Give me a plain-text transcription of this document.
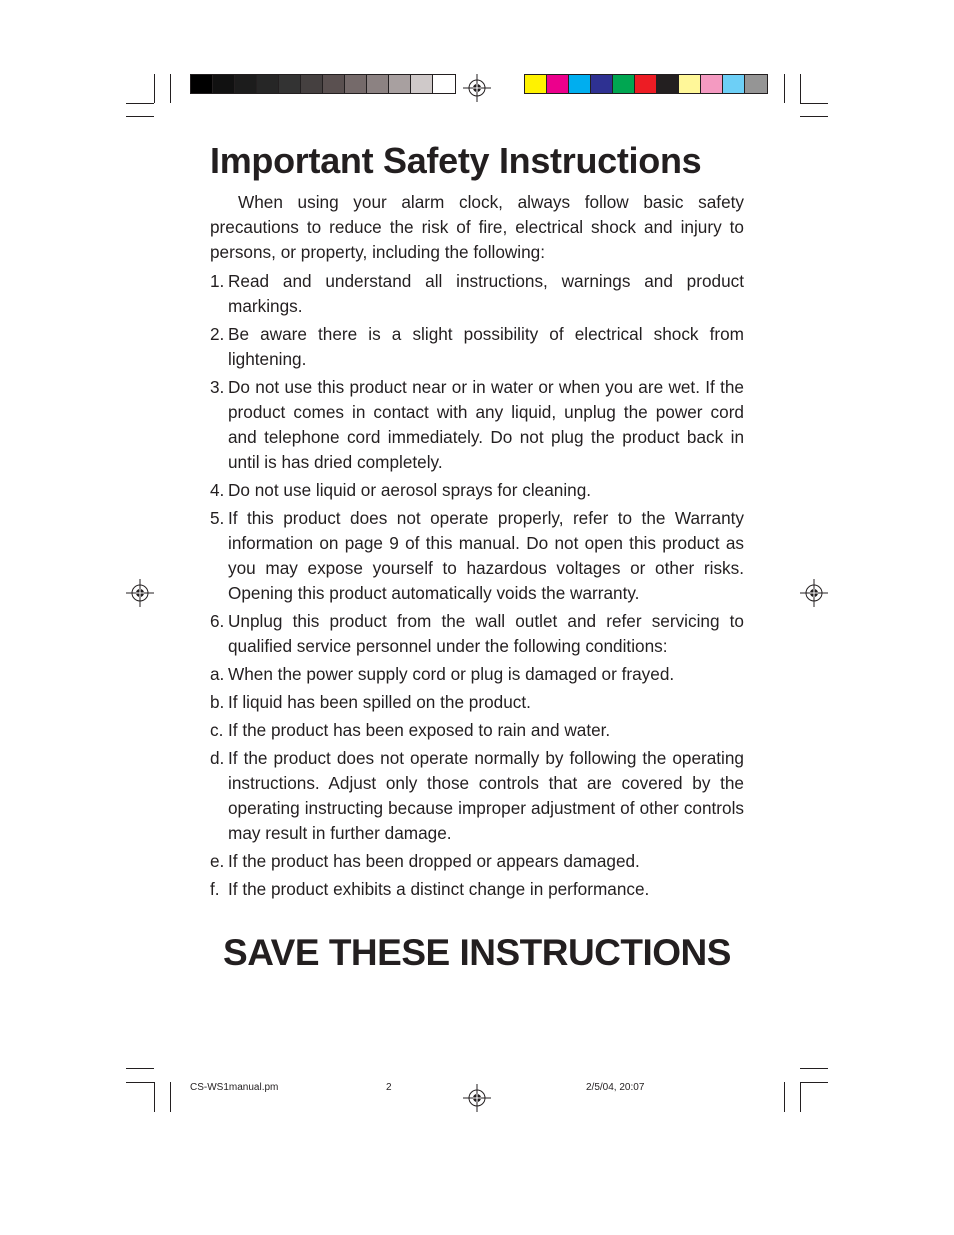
Important Safety Instructions

When using your alarm clock, always follow basic safety precautions to reduce the risk of fire, electrical shock and injury to persons, or property, including the following:

1. Read and understand all instructions, warnings and product markings.
2. Be aware there is a slight possibility of electrical shock from lightening.
3. Do not use this product near or in water or when you are wet. If the product comes in contact with any liquid, unplug the power cord and telephone cord immediately. Do not plug the product back in until is has dried completely.
4. Do not use liquid or aerosol sprays for cleaning.
5. If this product does not operate properly, refer to the Warranty information on page 9 of this manual. Do not open this product as you may expose yourself to hazardous voltages or other risks. Opening this product automatically voids the warranty.
6. Unplug this product from the wall outlet and refer servicing to qualified service personnel under the following conditions:
a. When the power supply cord or plug is damaged or frayed.
b. If liquid has been spilled on the product.
c. If the product has been exposed to rain and water.
d. If the product does not operate normally by following the operating instructions. Adjust only those controls that are covered by the operating instructing because improper adjustment of other controls may result in further damage.
e. If the product has been dropped or appears damaged.
f. If the product exhibits a distinct change in performance.
SAVE THESE INSTRUCTIONS
CS-WS1manual.pm	2	2/5/04, 20:07
